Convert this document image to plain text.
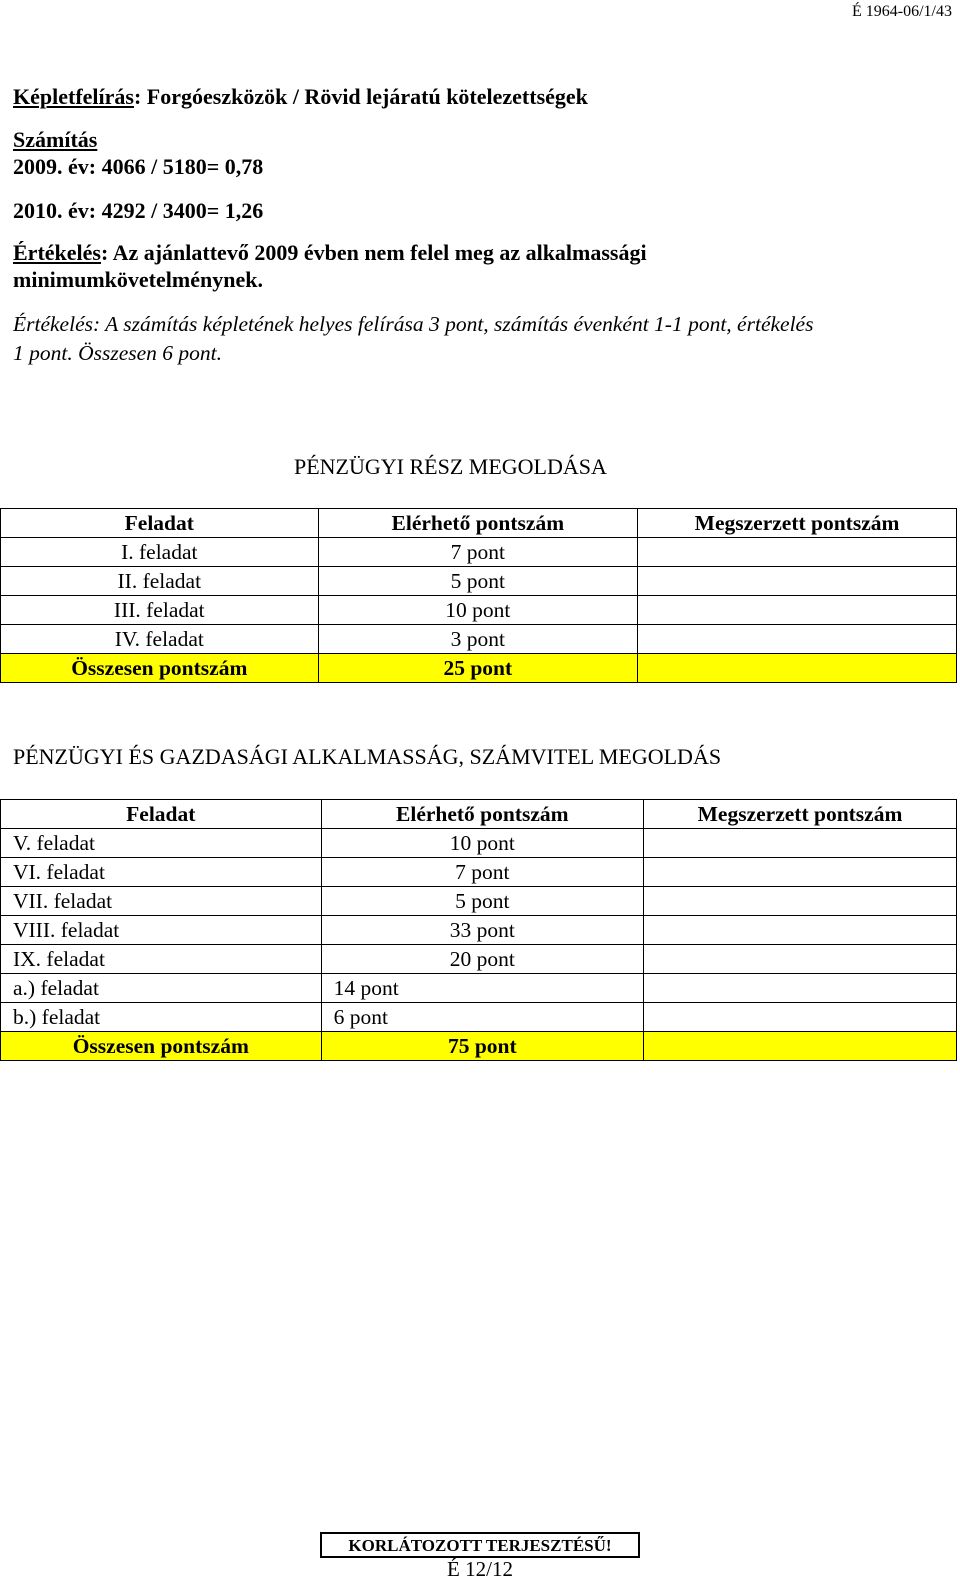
É 1964-06/1/43
Képletfelírás: Forgóeszközök / Rövid lejáratú kötelezettségek
Számítás
2009. év: 4066 / 5180= 0,78
2010. év: 4292 / 3400= 1,26
Értékelés: Az ajánlattevő 2009 évben nem felel meg az alkalmassági
minimumkövetelménynek.
Értékelés: A számítás képletének helyes felírása 3 pont, számítás évenként 1-1 pont, értékelés
1 pont. Összesen 6 pont.
PÉNZÜGYI RÉSZ MEGOLDÁSA
Feladat	Elérhető pontszám	Megszerzett pontszám
I. feladat	7 pont	
II. feladat	5 pont	
III. feladat	10 pont	
IV. feladat	3 pont	
Összesen pontszám	25 pont	
PÉNZÜGYI ÉS GAZDASÁGI ALKALMASSÁG, SZÁMVITEL MEGOLDÁS
Feladat	Elérhető pontszám	Megszerzett pontszám
V. feladat	10 pont	
VI. feladat	7 pont	
VII. feladat	5 pont	
VIII. feladat	33 pont	
IX. feladat	20 pont	
a.) feladat	14 pont	
b.) feladat	6 pont	
Összesen pontszám	75 pont	
KORLÁTOZOTT TERJESZTÉSŰ!
É 12/12
